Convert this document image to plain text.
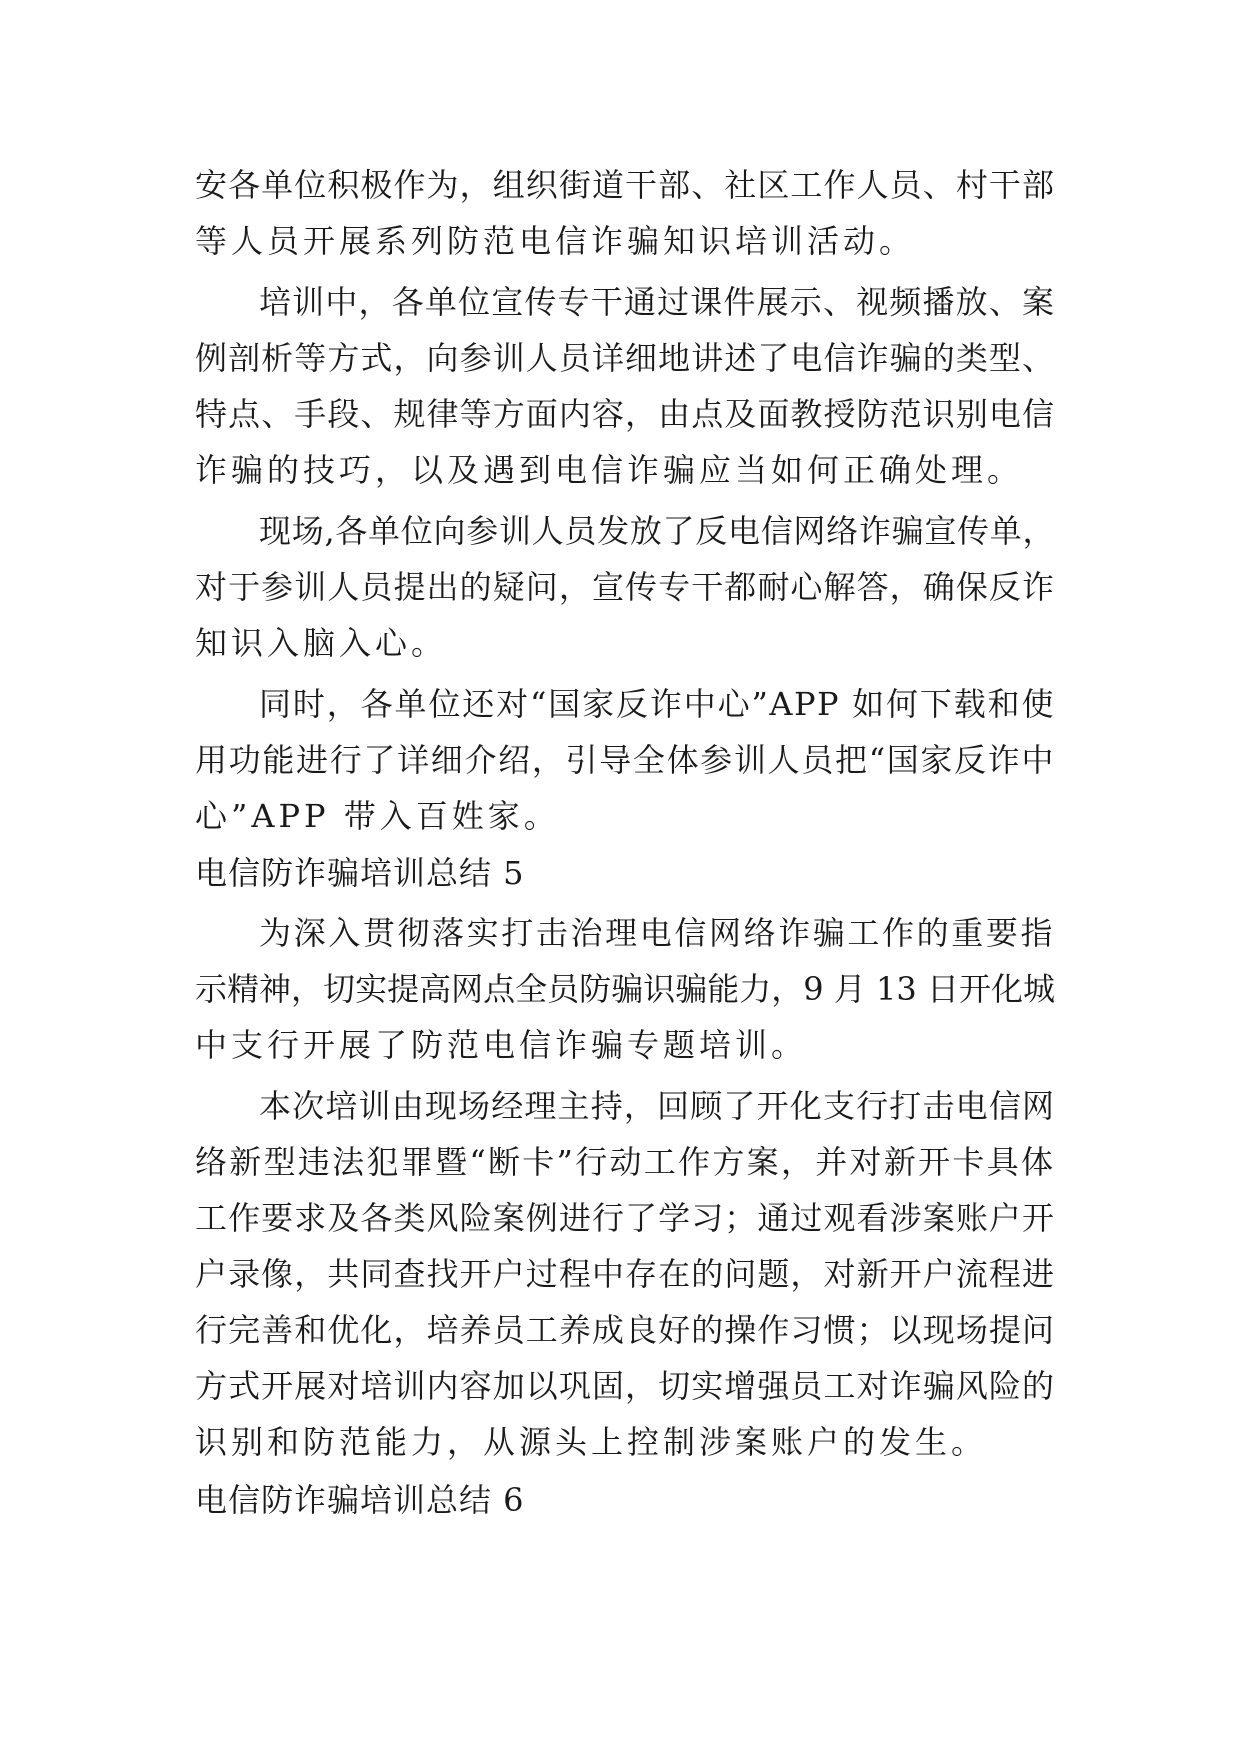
安各单位积极作为，组织街道干部、社区工作人员、村干部
等人员开展系列防范电信诈骗知识培训活动。
培训中，各单位宣传专干通过课件展示、视频播放、案
例剖析等方式，向参训人员详细地讲述了电信诈骗的类型、
特点、手段、规律等方面内容，由点及面教授防范识别电信
诈骗的技巧，以及遇到电信诈骗应当如何正确处理。
现场,各单位向参训人员发放了反电信网络诈骗宣传单，
对于参训人员提出的疑问，宣传专干都耐心解答，确保反诈
知识入脑入心。
同时，各单位还对“国家反诈中心”APP 如何下载和使
用功能进行了详细介绍，引导全体参训人员把“国家反诈中
心”APP 带入百姓家。
电信防诈骗培训总结 5
为深入贯彻落实打击治理电信网络诈骗工作的重要指
示精神，切实提高网点全员防骗识骗能力，9 月 13 日开化城
中支行开展了防范电信诈骗专题培训。
本次培训由现场经理主持，回顾了开化支行打击电信网
络新型违法犯罪暨“断卡”行动工作方案，并对新开卡具体
工作要求及各类风险案例进行了学习；通过观看涉案账户开
户录像，共同查找开户过程中存在的问题，对新开户流程进
行完善和优化，培养员工养成良好的操作习惯；以现场提问
方式开展对培训内容加以巩固，切实增强员工对诈骗风险的
识别和防范能力，从源头上控制涉案账户的发生。
电信防诈骗培训总结 6
